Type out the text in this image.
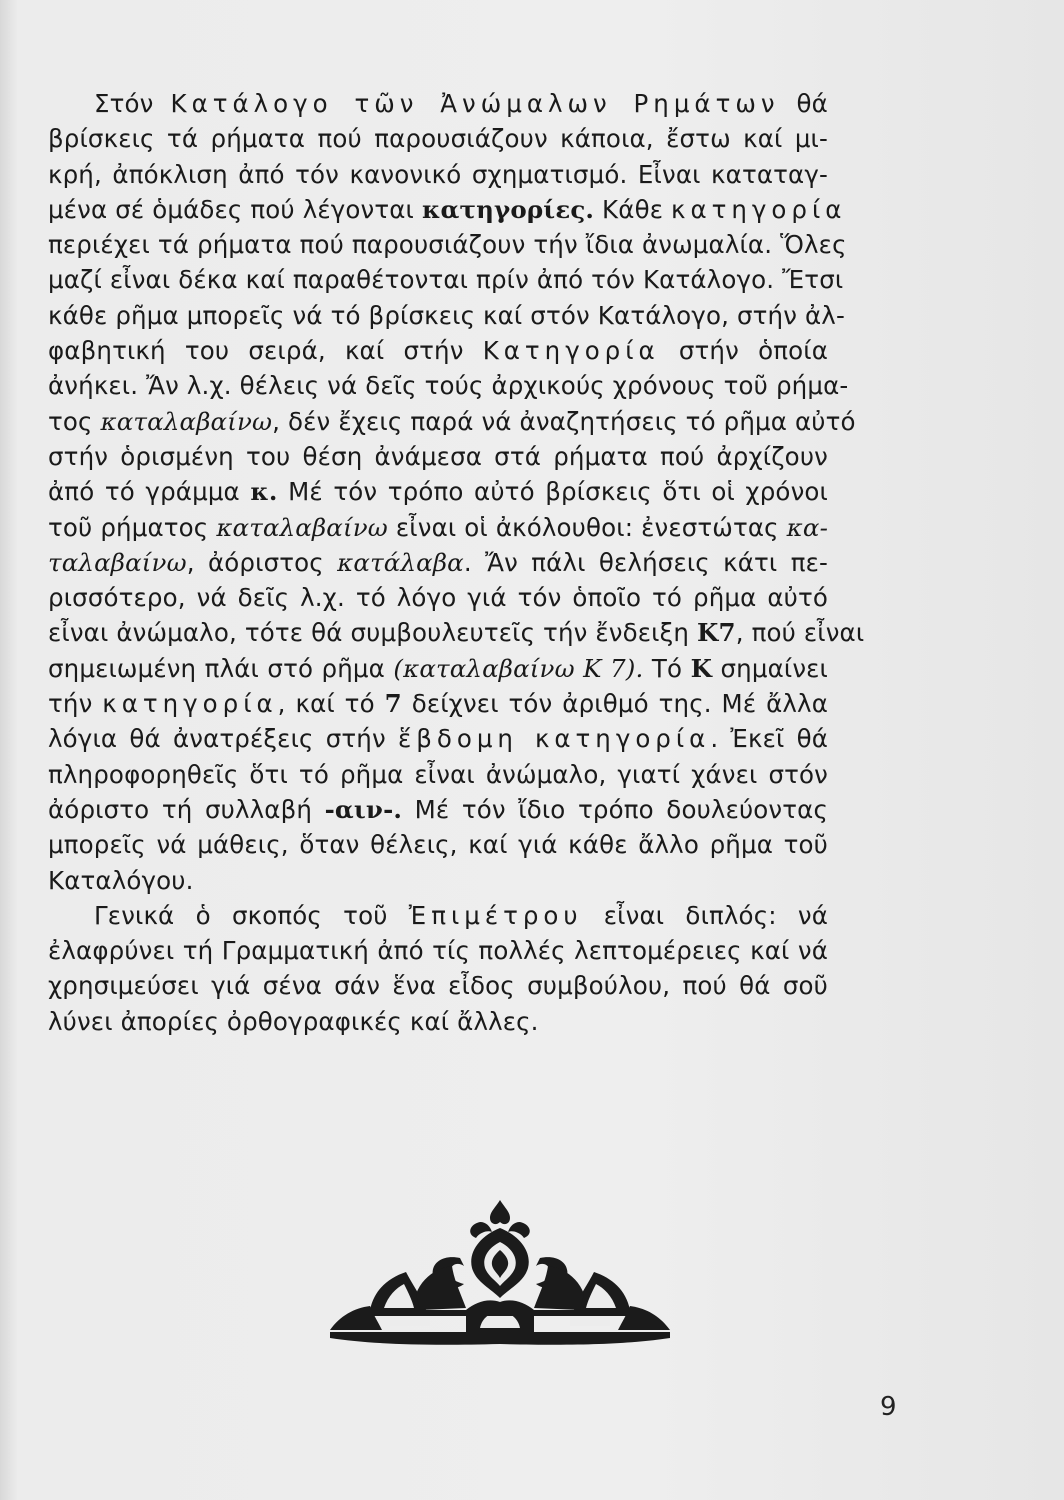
Στόν Κατάλογο τῶν Ἀνώμαλων Ρημάτων θά
βρίσκεις τά ρήματα πού παρουσιάζουν κάποια, ἔστω καί μι-
κρή, ἀπόκλιση ἀπό τόν κανονικό σχηματισμό. Εἶναι καταταγ-
μένα σέ ὁμάδες πού λέγονται κατηγορίες. Κάθε κατηγορία
περιέχει τά ρήματα πού παρουσιάζουν τήν ἴδια ἀνωμαλία. Ὅλες
μαζί εἶναι δέκα καί παραθέτονται πρίν ἀπό τόν Κατάλογο. Ἔτσι
κάθε ρῆμα μπορεῖς νά τό βρίσκεις καί στόν Κατάλογο, στήν ἀλ-
φαβητική του σειρά, καί στήν Κατηγορία στήν ὁποία
ἀνήκει. Ἄν λ.χ. θέλεις νά δεῖς τούς ἀρχικούς χρόνους τοῦ ρήμα-
τος καταλαβαίνω, δέν ἔχεις παρά νά ἀναζητήσεις τό ρῆμα αὐτό
στήν ὁρισμένη του θέση ἀνάμεσα στά ρήματα πού ἀρχίζουν
ἀπό τό γράμμα κ. Μέ τόν τρόπο αὐτό βρίσκεις ὅτι οἱ χρόνοι
τοῦ ρήματος καταλαβαίνω εἶναι οἱ ἀκόλουθοι: ἐνεστώτας κα-
ταλαβαίνω, ἀόριστος κατάλαβα. Ἄν πάλι θελήσεις κάτι πε-
ρισσότερο, νά δεῖς λ.χ. τό λόγο γιά τόν ὁποῖο τό ρῆμα αὐτό
εἶναι ἀνώμαλο, τότε θά συμβουλευτεῖς τήν ἔνδειξη Κ7, πού εἶναι
σημειωμένη πλάι στό ρῆμα (καταλαβαίνω Κ 7). Τό Κ σημαίνει
τήν κατηγορία, καί τό 7 δείχνει τόν ἀριθμό της. Μέ ἄλλα
λόγια θά ἀνατρέξεις στήν ἕβδομη κατηγορία. Ἐκεῖ θά
πληροφορηθεῖς ὅτι τό ρῆμα εἶναι ἀνώμαλο, γιατί χάνει στόν
ἀόριστο τή συλλαβή -αιν-. Μέ τόν ἴδιο τρόπο δουλεύοντας
μπορεῖς νά μάθεις, ὅταν θέλεις, καί γιά κάθε ἄλλο ρῆμα τοῦ
Καταλόγου.

Γενικά ὁ σκοπός τοῦ Ἐπιμέτρου εἶναι διπλός: νά
ἐλαφρύνει τή Γραμματική ἀπό τίς πολλές λεπτομέρειες καί νά
χρησιμεύσει γιά σένα σάν ἕνα εἶδος συμβούλου, πού θά σοῦ
λύνει ἀπορίες ὀρθογραφικές καί ἄλλες.

9
